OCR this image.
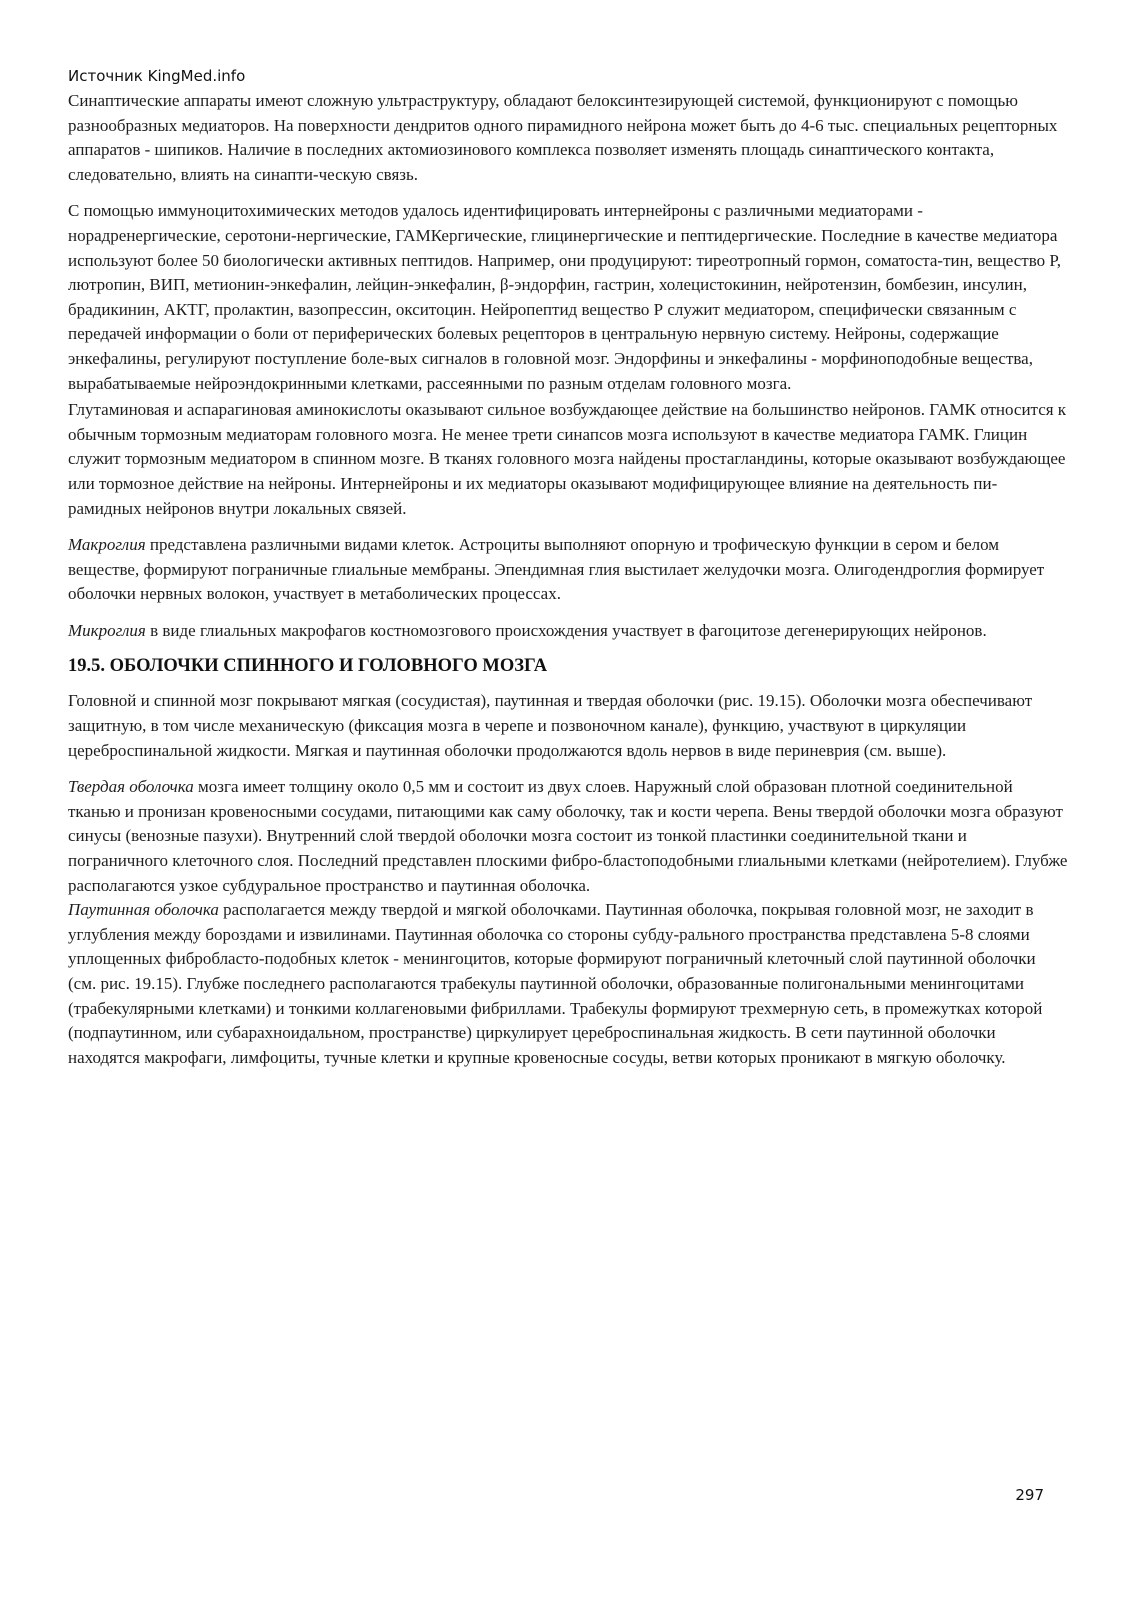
Источник KingMed.info

Синаптические аппараты имеют сложную ультраструктуру, обладают белоксинтезирующей системой, функционируют с помощью разнообразных медиаторов. На поверхности дендритов одного пирамидного нейрона может быть до 4-6 тыс. специальных рецепторных аппаратов - шипиков. Наличие в последних актомиозинового комплекса позволяет изменять площадь синаптического контакта, следовательно, влиять на синапти-ческую связь.

С помощью иммуноцитохимических методов удалось идентифицировать интернейроны с различными медиаторами - норадренергические, серотони-нергические, ГАМКергические, глицинергические и пептидергические. Последние в качестве медиатора используют более 50 биологически активных пептидов. Например, они продуцируют: тиреотропный гормон, соматоста-тин, вещество Р, лютропин, ВИП, метионин-энкефалин, лейцин-энкефалин, β-эндорфин, гастрин, холецистокинин, нейротензин, бомбезин, инсулин, брадикинин, АКТГ, пролактин, вазопрессин, окситоцин. Нейропептид вещество Р служит медиатором, специфически связанным с передачей информации о боли от периферических болевых рецепторов в центральную нервную систему. Нейроны, содержащие энкефалины, регулируют поступление боле-вых сигналов в головной мозг. Эндорфины и энкефалины - морфиноподобные вещества, вырабатываемые нейроэндокринными клетками, рассеянными по разным отделам головного мозга.

Глутаминовая и аспарагиновая аминокислоты оказывают сильное возбуждающее действие на большинство нейронов. ГАМК относится к обычным тормозным медиаторам головного мозга. Не менее трети синапсов мозга используют в качестве медиатора ГАМК. Глицин служит тормозным медиатором в спинном мозге. В тканях головного мозга найдены простагландины, которые оказывают возбуждающее или тормозное действие на нейроны. Интернейроны и их медиаторы оказывают модифицирующее влияние на деятельность пи-рамидных нейронов внутри локальных связей.

Макроглия представлена различными видами клеток. Астроциты выполняют опорную и трофическую функции в сером и белом веществе, формируют пограничные глиальные мембраны. Эпендимная глия выстилает желудочки мозга. Олигодендроглия формирует оболочки нервных волокон, участвует в метаболических процессах.

Микроглия в виде глиальных макрофагов костномозгового происхождения участвует в фагоцитозе дегенерирующих нейронов.

19.5. ОБОЛОЧКИ СПИННОГО И ГОЛОВНОГО МОЗГА

Головной и спинной мозг покрывают мягкая (сосудистая), паутинная и твердая оболочки (рис. 19.15). Оболочки мозга обеспечивают защитную, в том числе механическую (фиксация мозга в черепе и позвоночном канале), функцию, участвуют в циркуляции цереброспинальной жидкости. Мягкая и паутинная оболочки продолжаются вдоль нервов в виде периневрия (см. выше).

Твердая оболочка мозга имеет толщину около 0,5 мм и состоит из двух слоев. Наружный слой образован плотной соединительной тканью и пронизан кровеносными сосудами, питающими как саму оболочку, так и кости черепа. Вены твердой оболочки мозга образуют синусы (венозные пазухи). Внутренний слой твердой оболочки мозга состоит из тонкой пластинки соединительной ткани и пограничного клеточного слоя. Последний представлен плоскими фибро-бластоподобными глиальными клетками (нейротелием). Глубже располагаются узкое субдуральное пространство и паутинная оболочка.

Паутинная оболочка располагается между твердой и мягкой оболочками. Паутинная оболочка, покрывая головной мозг, не заходит в углубления между бороздами и извилинами. Паутинная оболочка со стороны субду-рального пространства представлена 5-8 слоями уплощенных фибробласто-подобных клеток - менингоцитов, которые формируют пограничный клеточный слой паутинной оболочки (см. рис. 19.15). Глубже последнего располагаются трабекулы паутинной оболочки, образованные полигональными менингоцитами (трабекулярными клетками) и тонкими коллагеновыми фибриллами. Трабекулы формируют трехмерную сеть, в промежутках которой (подпаутинном, или субарахноидальном, пространстве) циркулирует цереброспинальная жидкость. В сети паутинной оболочки находятся макрофаги, лимфоциты, тучные клетки и крупные кровеносные сосуды, ветви которых проникают в мягкую оболочку.

297
